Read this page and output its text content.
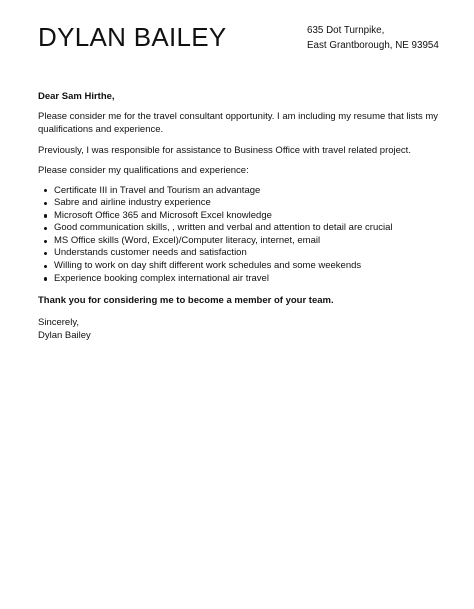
DYLAN BAILEY	635 Dot Turnpike,
East Grantborough, NE 93954

Dear Sam Hirthe,

Please consider me for the travel consultant opportunity. I am including my resume that lists my qualifications and experience.

Previously, I was responsible for assistance to Business Office with travel related project.

Please consider my qualifications and experience:

Certificate III in Travel and Tourism an advantage
Sabre and airline industry experience
Microsoft Office 365 and Microsoft Excel knowledge
Good communication skills, , written and verbal and attention to detail are crucial
MS Office skills (Word, Excel)/Computer literacy, internet, email
Understands customer needs and satisfaction
Willing to work on day shift different work schedules and some weekends
Experience booking complex international air travel

Thank you for considering me to become a member of your team.

Sincerely,

Dylan Bailey
